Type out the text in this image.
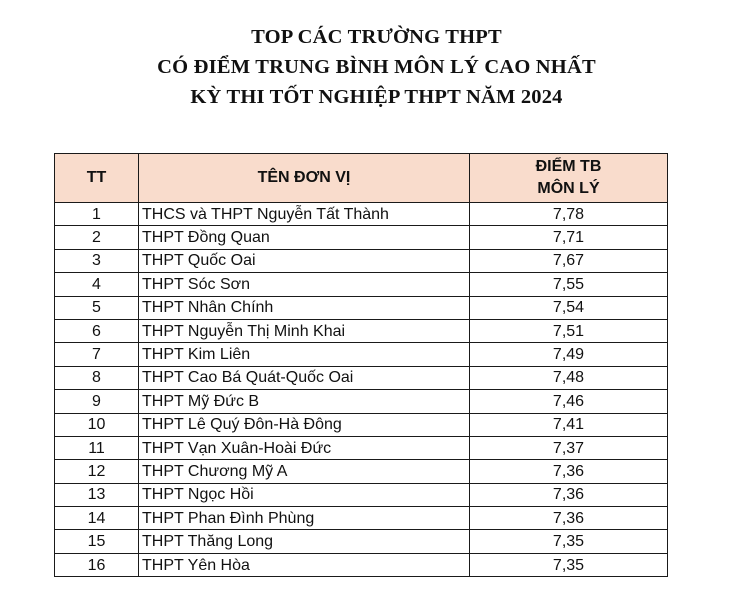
TOP CÁC TRƯỜNG THPT
CÓ ĐIỂM TRUNG BÌNH MÔN LÝ CAO NHẤT
KỲ THI TỐT NGHIỆP THPT NĂM 2024
TT	TÊN ĐƠN VỊ	ĐIỂM TB
MÔN LÝ

1	THCS và THPT Nguyễn Tất Thành	7,78
2	THPT Đồng Quan	7,71
3	THPT Quốc Oai	7,67
4	THPT Sóc Sơn	7,55
5	THPT Nhân Chính	7,54
6	THPT Nguyễn Thị Minh Khai	7,51
7	THPT Kim Liên	7,49
8	THPT Cao Bá Quát-Quốc Oai	7,48
9	THPT Mỹ Đức B	7,46
10	THPT Lê Quý Đôn-Hà Đông	7,41
11	THPT Vạn Xuân-Hoài Đức	7,37
12	THPT Chương Mỹ A	7,36
13	THPT Ngọc Hồi	7,36
14	THPT Phan Đình Phùng	7,36
15	THPT Thăng Long	7,35
16	THPT Yên Hòa	7,35
